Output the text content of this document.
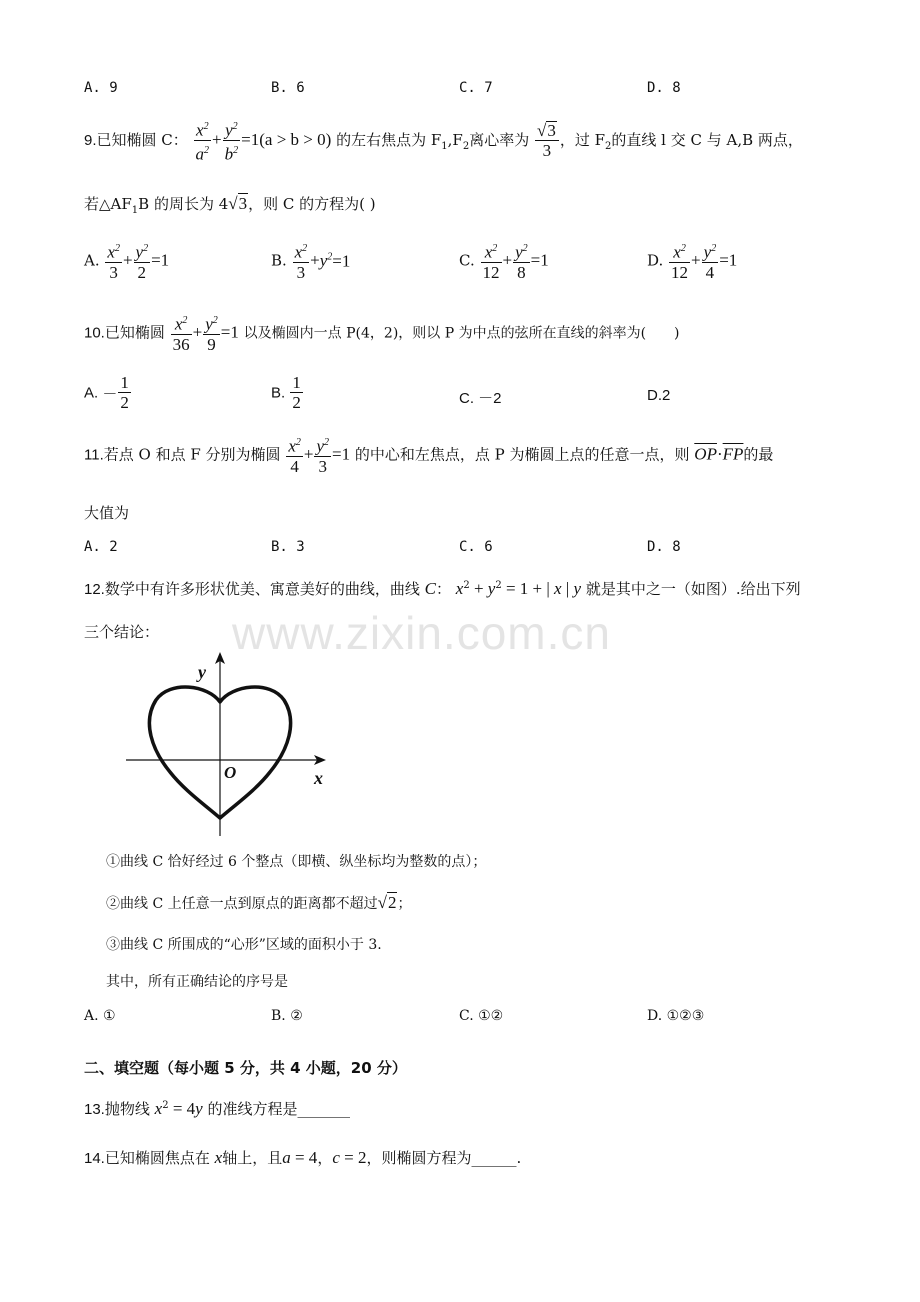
www.zixin.com.cn
A. 9	B. 6	C. 7	D. 8
9.已知椭圆 C： $\frac{x^2}{a^2} + \frac{y^2}{b^2} =1(a > b > 0)$ 的左右焦点为 $F_1,F_2$离心率为 $\frac{√3}{3}$ ，过 $F_2$的直线 l 交 C 与 A,B 两点，
若$\triangle AF_1B$ 的周长为 4√3，则 C 的方程为( )
A. $\frac{x^2}{3} + \frac{y^2}{2} =1$	B. $\frac{x^2}{3} +y^2=1$	C. $\frac{x^2}{12} + \frac{y^2}{8} =1$	D. $\frac{x^2}{12} + \frac{y^2}{4} =1$
10.已知椭圆 $\frac{x^2}{36} + \frac{y^2}{9} =1$ 以及椭圆内一点 P(4，2)，则以 P 为中点的弦所在直线的斜率为(　　)
A. － $\frac{1}{2}$	B. $\frac{1}{2}$	C. －2	D.2
11.若点 O 和点 F 分别为椭圆 $\frac{x^2}{4} + \frac{y^2}{3} =1$ 的中心和左焦点，点 P 为椭圆上点的任意一点，则 $\overline{OP}\cdot\overline{FP}$的最
大值为
A. 2	B. 3	C. 6	D. 8
12.数学中有许多形状优美、寓意美好的曲线，曲线 C： $x^2 + y^2 = 1$ + | x | y 就是其中之一（如图）.给出下列
三个结论：
y
O	x
①曲线 C 恰好经过 6 个整点（即横、纵坐标均为整数的点）；
②曲线 C 上任意一点到原点的距离都不超过√2；
③曲线 C 所围成的“心形”区域的面积小于 3.
其中，所有正确结论的序号是
A. ①	B. ②	C. ①②	D. ①②③
二、填空题（每小题 5 分，共 4 小题，20 分）
13.抛物线 $x^2 = 4y$ 的准线方程是_______
14.已知椭圆焦点在 x轴上，且a = 4，c = 2，则椭圆方程为______.
